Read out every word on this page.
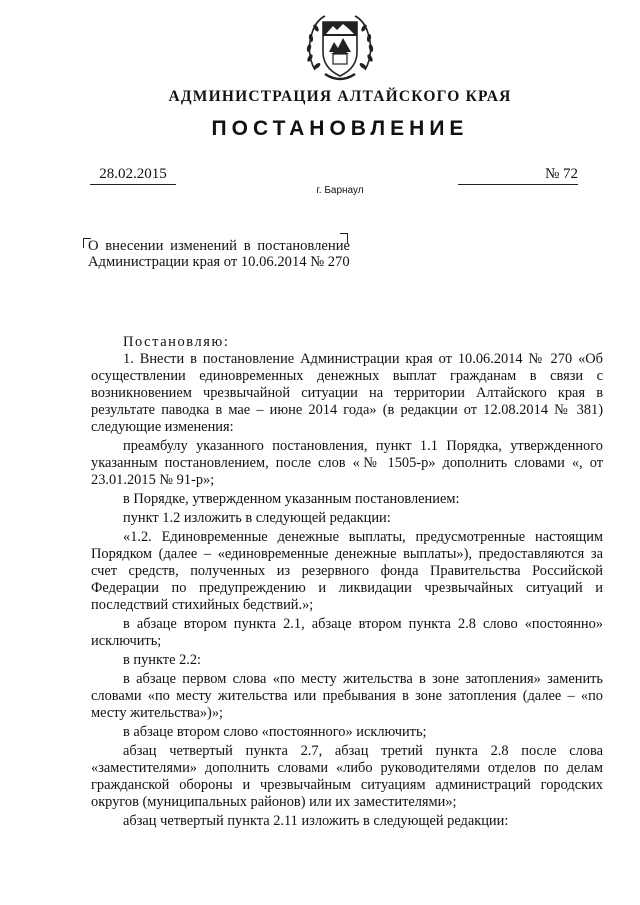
АДМИНИСТРАЦИЯ АЛТАЙСКОГО КРАЯ
ПОСТАНОВЛЕНИЕ
28.02.2015	№ 72
г. Барнаул
О внесении изменений в постановление Администрации края от 10.06.2014 № 270

Постановляю:

1. Внести в постановление Администрации края от 10.06.2014 № 270 «Об осуществлении единовременных денежных выплат гражданам в связи с возникновением чрезвычайной ситуации на территории Алтайского края в результате паводка в мае – июне 2014 года» (в редакции от 12.08.2014 № 381) следующие изменения:

преамбулу указанного постановления, пункт 1.1 Порядка, утвержденного указанным постановлением, после слов «№ 1505-р» дополнить словами «, от 23.01.2015 № 91-р»;

в Порядке, утвержденном указанным постановлением:

пункт 1.2 изложить в следующей редакции:

«1.2. Единовременные денежные выплаты, предусмотренные настоящим Порядком (далее – «единовременные денежные выплаты»), предоставляются за счет средств, полученных из резервного фонда Правительства Российской Федерации по предупреждению и ликвидации чрезвычайных ситуаций и последствий стихийных бедствий.»;

в абзаце втором пункта 2.1, абзаце втором пункта 2.8 слово «постоянно» исключить;

в пункте 2.2:

в абзаце первом слова «по месту жительства в зоне затопления» заменить словами «по месту жительства или пребывания в зоне затопления (далее – «по месту жительства»)»;

в абзаце втором слово «постоянного» исключить;

абзац четвертый пункта 2.7, абзац третий пункта 2.8 после слова «заместителями» дополнить словами «либо руководителями отделов по делам гражданской обороны и чрезвычайным ситуациям администраций городских округов (муниципальных районов) или их заместителями»;

абзац четвертый пункта 2.11 изложить в следующей редакции:
